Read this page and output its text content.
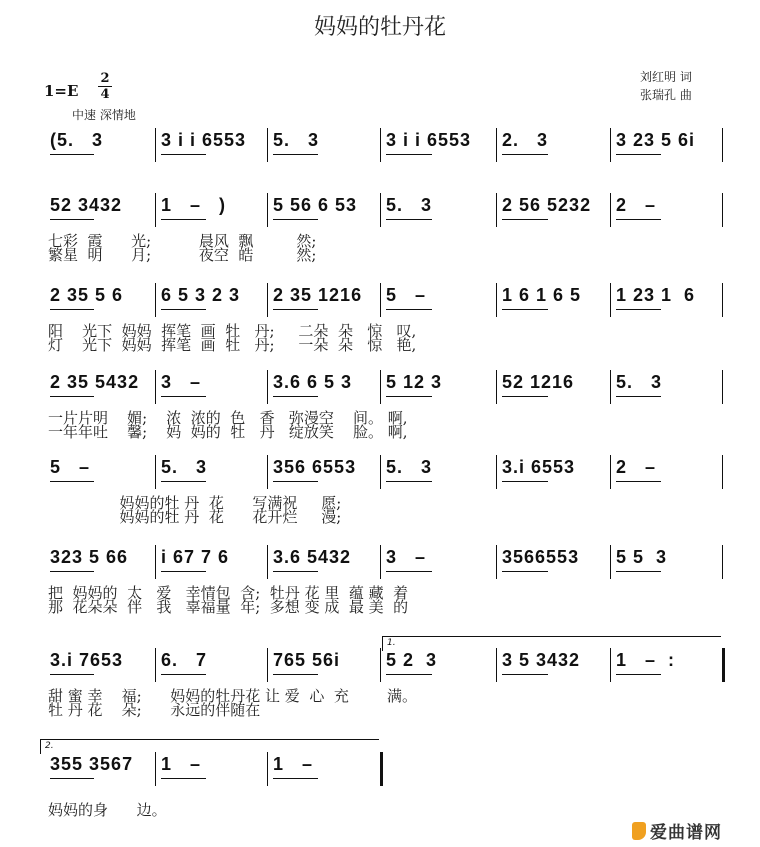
妈妈的牡丹花
刘红明 词
张瑞孔 曲
1=E
2
4
中速 深情地
(5.   3	3 i i 6553 5.   3	3 i i 6553 2.   3	3 23 5 6i
52 3432 1   –   )	5 56 6 53 5.   3	2 56 5232 2   –
七彩  霞      光;          晨风  飘         然;
繁星  明      月;          夜空  皓         然;
2 35 5 6 6 5 3 2 3 2 35 1216 5   –	1 6 1 6 5 1 23 1  6
阳    光下  妈妈  挥笔  画  牡   丹;     二朵  朵   惊   叹,
灯    光下  妈妈  挥笔  画  牡   丹;     一朵  朵   惊   艳,
2 35 5432 3   –	3.6 6 5 3 5 12 3	52 1216 5.   3
一片片明    媚;    浓  浓的  色   香   弥漫空    间。 啊,
一年年吐    馨;    妈  妈的  牡   丹   绽放笑    脸。 啊,
5   –	5.   3	356 6553 5.   3	3.i 6553 2   –
妈妈的牡 丹  花      写满祝     愿;
妈妈的牡 丹  花      花开烂     漫;
323 5 66 i 67 7 6 3.6 5432 3   –	3566553 5 5  3
把  妈妈的  太   爱   幸情包  含;  牡丹 花 里  蕴 藏  着
那  花朵朵  伴   我   辜福量  年;  多想 变 成  最 美  的
3.i 7653 6.   7	765 56i	5 2  3	3 5 3432 1   –  :
甜 蜜 幸    福;      妈妈的牡丹花 让 爱  心  充        满。
牡 丹 花    朵;      永远的伴随在
355 3567 1   –	1   –
妈妈的身      边。
1.
2.
爱曲谱网
